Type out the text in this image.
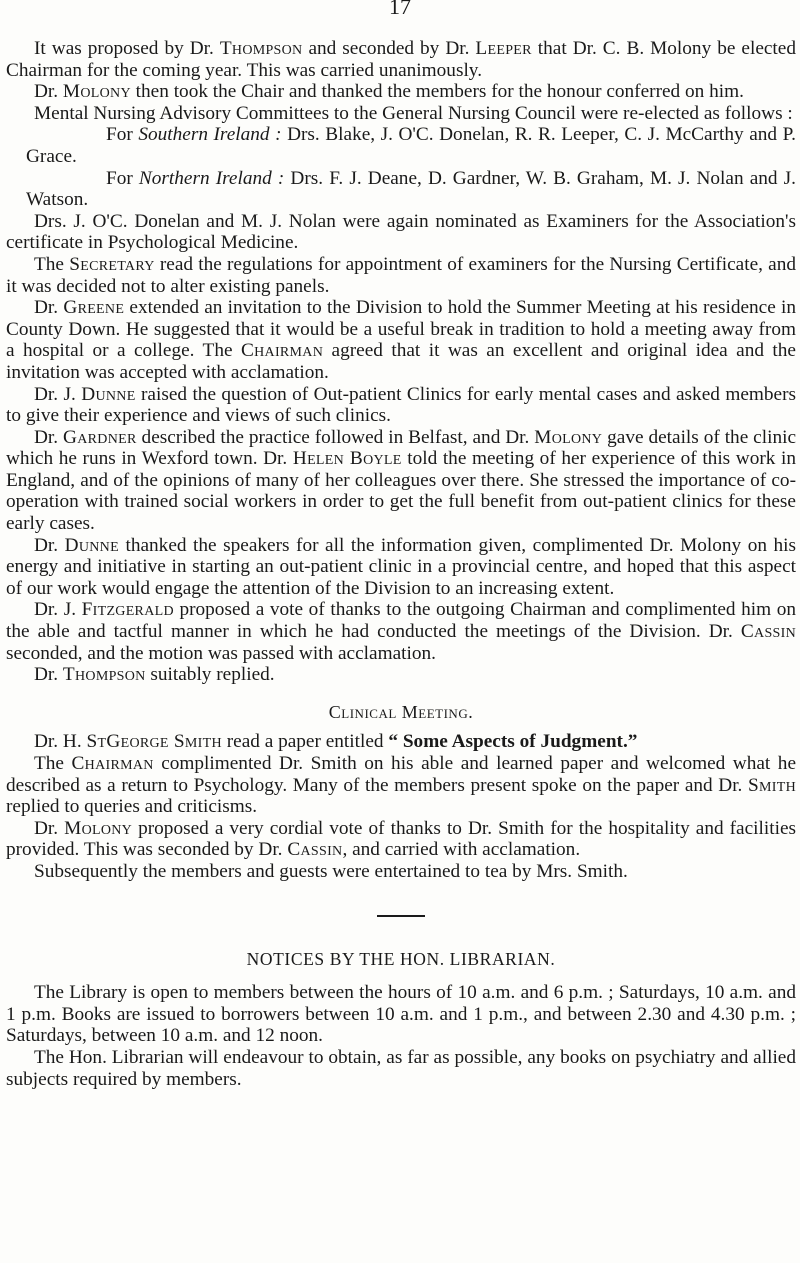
17

It was proposed by Dr. Thompson and seconded by Dr. Leeper that Dr. C. B. Molony be elected Chairman for the coming year. This was carried unanimously.

Dr. Molony then took the Chair and thanked the members for the honour conferred on him.

Mental Nursing Advisory Committees to the General Nursing Council were re-elected as follows :

For Southern Ireland : Drs. Blake, J. O'C. Donelan, R. R. Leeper, C. J. McCarthy and P. Grace.

For Northern Ireland : Drs. F. J. Deane, D. Gardner, W. B. Graham, M. J. Nolan and J. Watson.

Drs. J. O'C. Donelan and M. J. Nolan were again nominated as Examiners for the Association's certificate in Psychological Medicine.

The Secretary read the regulations for appointment of examiners for the Nursing Certificate, and it was decided not to alter existing panels.

Dr. Greene extended an invitation to the Division to hold the Summer Meeting at his residence in County Down. He suggested that it would be a useful break in tradition to hold a meeting away from a hospital or a college. The Chairman agreed that it was an excellent and original idea and the invitation was accepted with acclamation.

Dr. J. Dunne raised the question of Out-patient Clinics for early mental cases and asked members to give their experience and views of such clinics.

Dr. Gardner described the practice followed in Belfast, and Dr. Molony gave details of the clinic which he runs in Wexford town. Dr. Helen Boyle told the meeting of her experience of this work in England, and of the opinions of many of her colleagues over there. She stressed the importance of co-operation with trained social workers in order to get the full benefit from out-patient clinics for these early cases.

Dr. Dunne thanked the speakers for all the information given, complimented Dr. Molony on his energy and initiative in starting an out-patient clinic in a provincial centre, and hoped that this aspect of our work would engage the attention of the Division to an increasing extent.

Dr. J. Fitzgerald proposed a vote of thanks to the outgoing Chairman and complimented him on the able and tactful manner in which he had conducted the meetings of the Division. Dr. Cassin seconded, and the motion was passed with acclamation.

Dr. Thompson suitably replied.

Clinical Meeting.

Dr. H. StGeorge Smith read a paper entitled “ Some Aspects of Judgment.”

The Chairman complimented Dr. Smith on his able and learned paper and welcomed what he described as a return to Psychology. Many of the members present spoke on the paper and Dr. Smith replied to queries and criticisms.

Dr. Molony proposed a very cordial vote of thanks to Dr. Smith for the hospitality and facilities provided. This was seconded by Dr. Cassin, and carried with acclamation.

Subsequently the members and guests were entertained to tea by Mrs. Smith.

NOTICES BY THE HON. LIBRARIAN.

The Library is open to members between the hours of 10 a.m. and 6 p.m. ; Saturdays, 10 a.m. and 1 p.m. Books are issued to borrowers between 10 a.m. and 1 p.m., and between 2.30 and 4.30 p.m. ; Saturdays, between 10 a.m. and 12 noon.

The Hon. Librarian will endeavour to obtain, as far as possible, any books on psychiatry and allied subjects required by members.
